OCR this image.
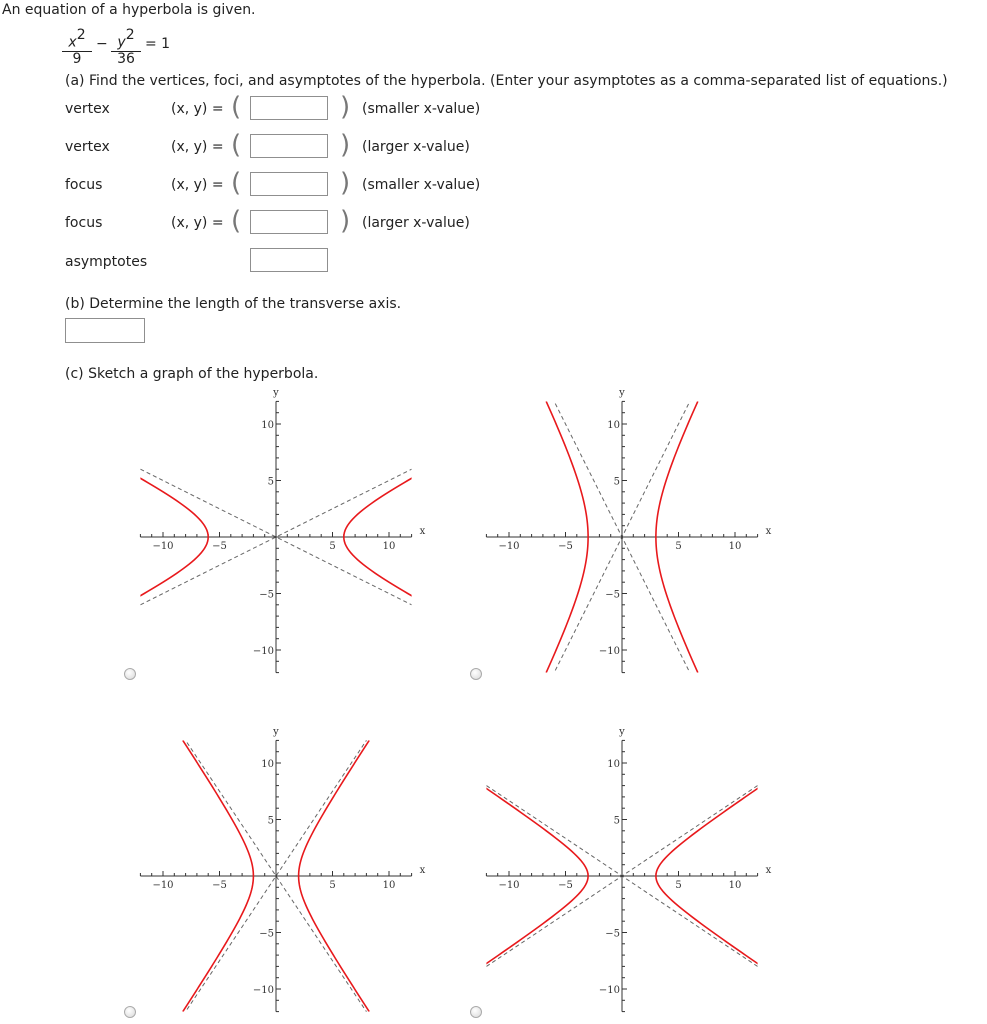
An equation of a hyperbola is given.
$\frac{x^2}{9} - \frac{y^2}{36} = 1$
(a) Find the vertices, foci, and asymptotes of the hyperbola. (Enter your asymptotes as a comma-separated list of equations.)
vertex	(x, y) = (	) (smaller x-value)
vertex	(x, y) = (	) (larger x-value)
focus	(x, y) = (	) (smaller x-value)
focus	(x, y) = (	) (larger x-value)
asymptotes
(b) Determine the length of the transverse axis.
(c) Sketch a graph of the hyperbola.
−10
−10
−5
−5
5
5
10
10
x
y
−10
−10
−5
−5
5
5
10
10
x
y
−10
−10
−5
−5
5
5
10
10
x
y
−10
−10
−5
−5
5
5
10
10
x
y
